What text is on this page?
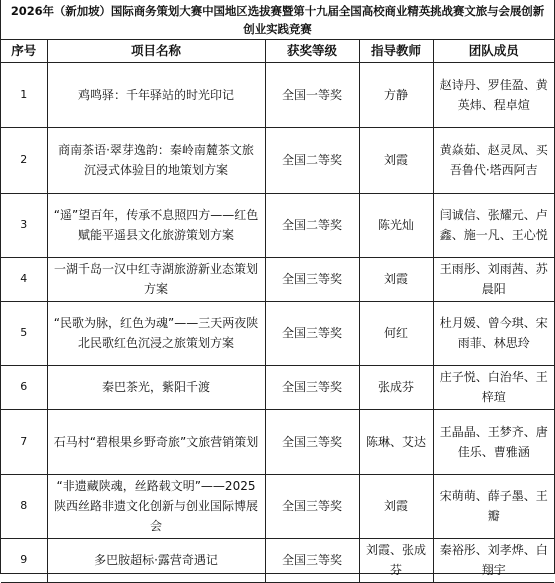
2026年（新加坡）国际商务策划大赛中国地区选拔赛暨第十九届全国高校商业精英挑战赛文旅与会展创新创业实践竞赛
序号	项目名称	获奖等级	指导教师	团队成员
1	鸡鸣驿：千年驿站的时光印记	全国一等奖	方静	赵诗丹、罗佳盈、黄英炜、程卓煊
2	商南茶语·翠芽逸韵：秦岭南麓茶文旅沉浸式体验目的地策划方案	全国二等奖	刘霞	黄焱茹、赵灵凤、买吾鲁代·塔西阿吉
3	“遥”望百年，传承不息照四方——红色赋能平遥县文化旅游策划方案	全国二等奖	陈光灿	闫诚信、张耀元、卢鑫、施一凡、王心悦
4	一湖千岛一汉中红寺湖旅游新业态策划方案	全国三等奖	刘霞	王雨彤、刘雨茜、苏晨阳
5	“民歌为脉，红色为魂”——三天两夜陕北民歌红色沉浸之旅策划方案	全国三等奖	何红	杜月媛、曾今琪、宋雨菲、林思玲
6	秦巴茶光，紫阳千渡	全国三等奖	张成芬	庄子悦、白治华、王梓瑄
7	石马村“碧根果乡野奇旅”文旅营销策划	全国三等奖	陈琳、艾达	王晶晶、王梦齐、唐佳乐、曹雅涵
8	“非遗藏陕魂，丝路载文明”——2025陕西丝路非遗文化创新与创业国际博展会	全国三等奖	刘霞	宋萌萌、薛子墨、王瓣
9	多巴胺超标·露营奇遇记	全国三等奖	刘霞、张成芬	秦裕彤、刘孝烨、白翔宇
